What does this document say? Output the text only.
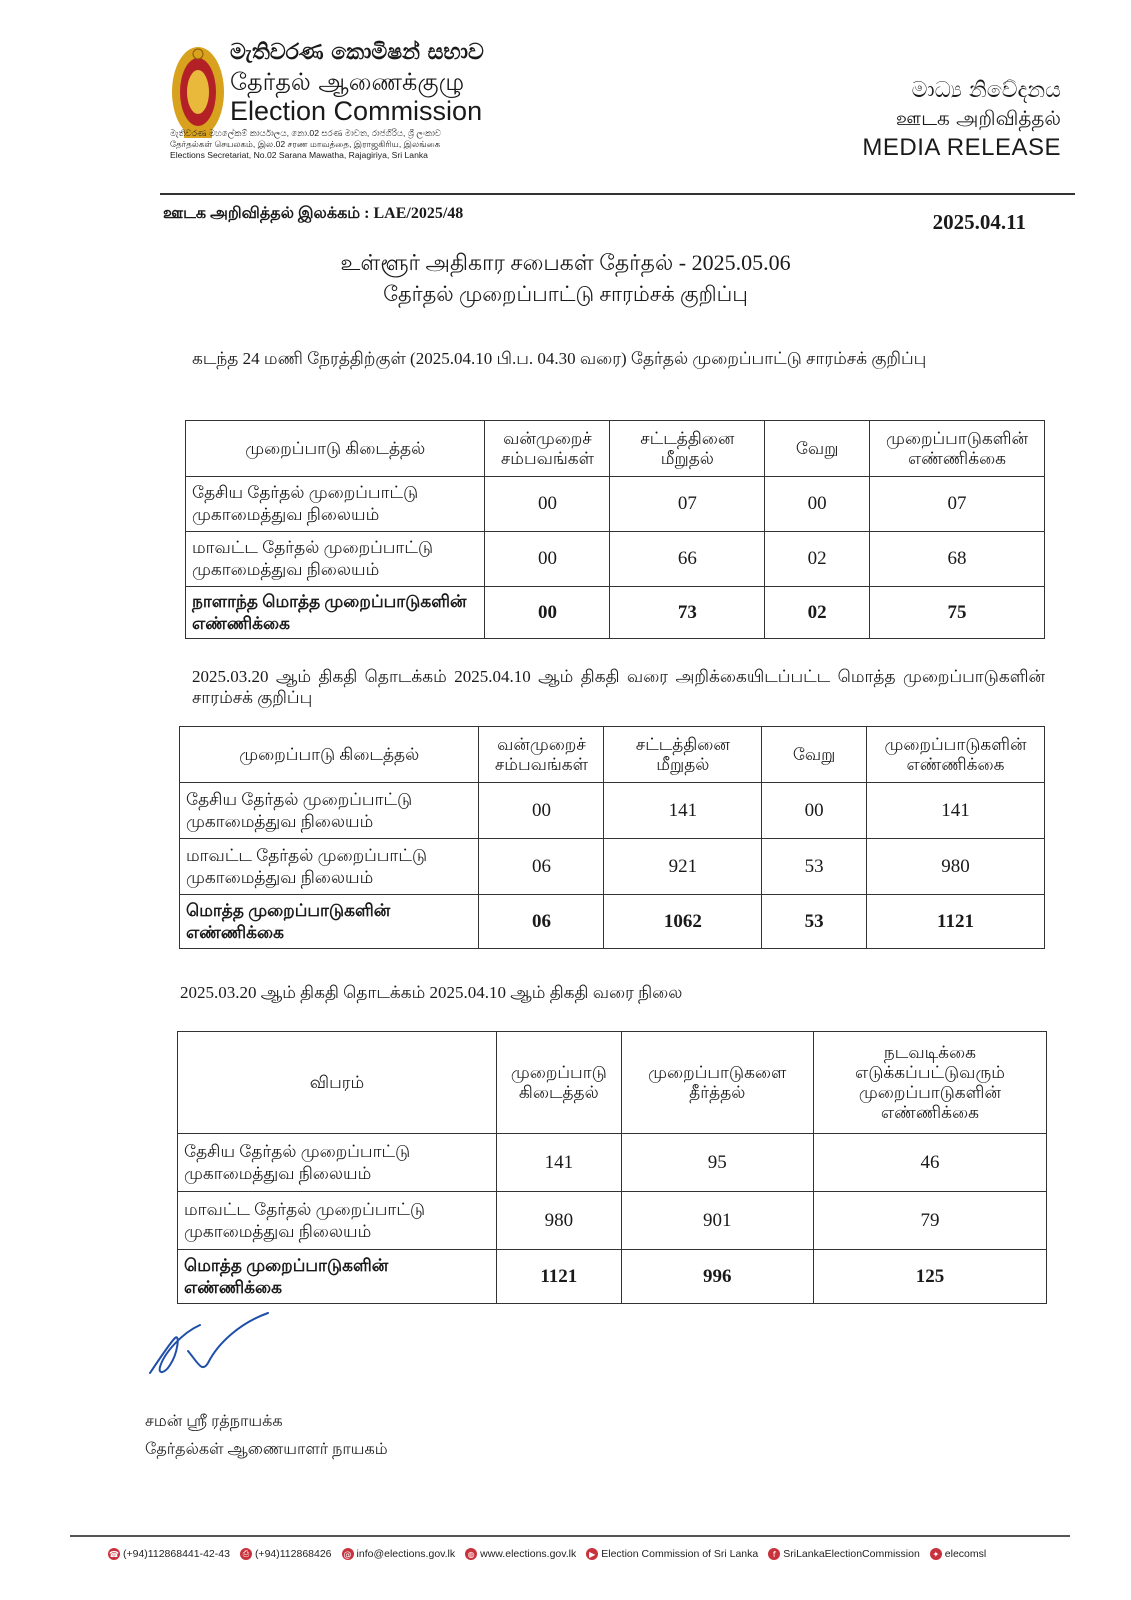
මැතිවරණ කොමිෂන් සභාව
தேர்தல் ஆணைக்குழு
Election Commission
මැතිවරණ මහලේකම් කාර්යාලය, නො.02 සරණ මාවත, රාජගිරිය, ශ්‍රී ලංකාව
தேர்தல்கள் செயலகம், இல.02 சரண மாவத்தை, இராஜகிரிய, இலங்கை
Elections Secretariat, No.02 Sarana Mawatha, Rajagiriya, Sri Lanka
මාධ්‍ය නිවේදනය
ஊடக அறிவித்தல்
MEDIA RELEASE
ஊடக அறிவித்தல் இலக்கம் : LAE/2025/48	2025.04.11
உள்ளூர் அதிகார சபைகள் தேர்தல் - 2025.05.06
தேர்தல் முறைப்பாட்டு சாரம்சக் குறிப்பு
கடந்த 24 மணி நேரத்திற்குள் (2025.04.10 பி.ப. 04.30 வரை) தேர்தல் முறைப்பாட்டு சாரம்சக் குறிப்பு
முறைப்பாடு கிடைத்தல்	வன்முறைச் சம்பவங்கள்	சட்டத்தினை மீறுதல்	வேறு	முறைப்பாடுகளின் எண்ணிக்கை
தேசிய தேர்தல் முறைப்பாட்டு முகாமைத்துவ நிலையம்	00	07	00	07
மாவட்ட தேர்தல் முறைப்பாட்டு முகாமைத்துவ நிலையம்	00	66	02	68
நாளாந்த மொத்த முறைப்பாடுகளின் எண்ணிக்கை	00	73	02	75
2025.03.20 ஆம் திகதி தொடக்கம் 2025.04.10 ஆம் திகதி வரை அறிக்கையிடப்பட்ட மொத்த முறைப்பாடுகளின் சாரம்சக் குறிப்பு
முறைப்பாடு கிடைத்தல்	வன்முறைச் சம்பவங்கள்	சட்டத்தினை மீறுதல்	வேறு	முறைப்பாடுகளின் எண்ணிக்கை
தேசிய தேர்தல் முறைப்பாட்டு முகாமைத்துவ நிலையம்	00	141	00	141
மாவட்ட தேர்தல் முறைப்பாட்டு முகாமைத்துவ நிலையம்	06	921	53	980
மொத்த முறைப்பாடுகளின் எண்ணிக்கை	06	1062	53	1121
2025.03.20 ஆம் திகதி தொடக்கம் 2025.04.10 ஆம் திகதி வரை நிலை
விபரம்	முறைப்பாடு கிடைத்தல்	முறைப்பாடுகளை தீர்த்தல்	நடவடிக்கை எடுக்கப்பட்டுவரும் முறைப்பாடுகளின் எண்ணிக்கை
தேசிய தேர்தல் முறைப்பாட்டு முகாமைத்துவ நிலையம்	141	95	46
மாவட்ட தேர்தல் முறைப்பாட்டு முகாமைத்துவ நிலையம்	980	901	79
மொத்த முறைப்பாடுகளின் எண்ணிக்கை	1121	996	125
சமன் ஸ்ரீ ரத்நாயக்க
தேர்தல்கள் ஆணையாளர் நாயகம்
☎ (+94)112868441-42-43	⎙ (+94)112868426 @ info@elections.gov.lk	◍ www.elections.gov.lk	▶ Election Commission of Sri Lanka	f SriLankaElectionCommission	✦ elecomsl
